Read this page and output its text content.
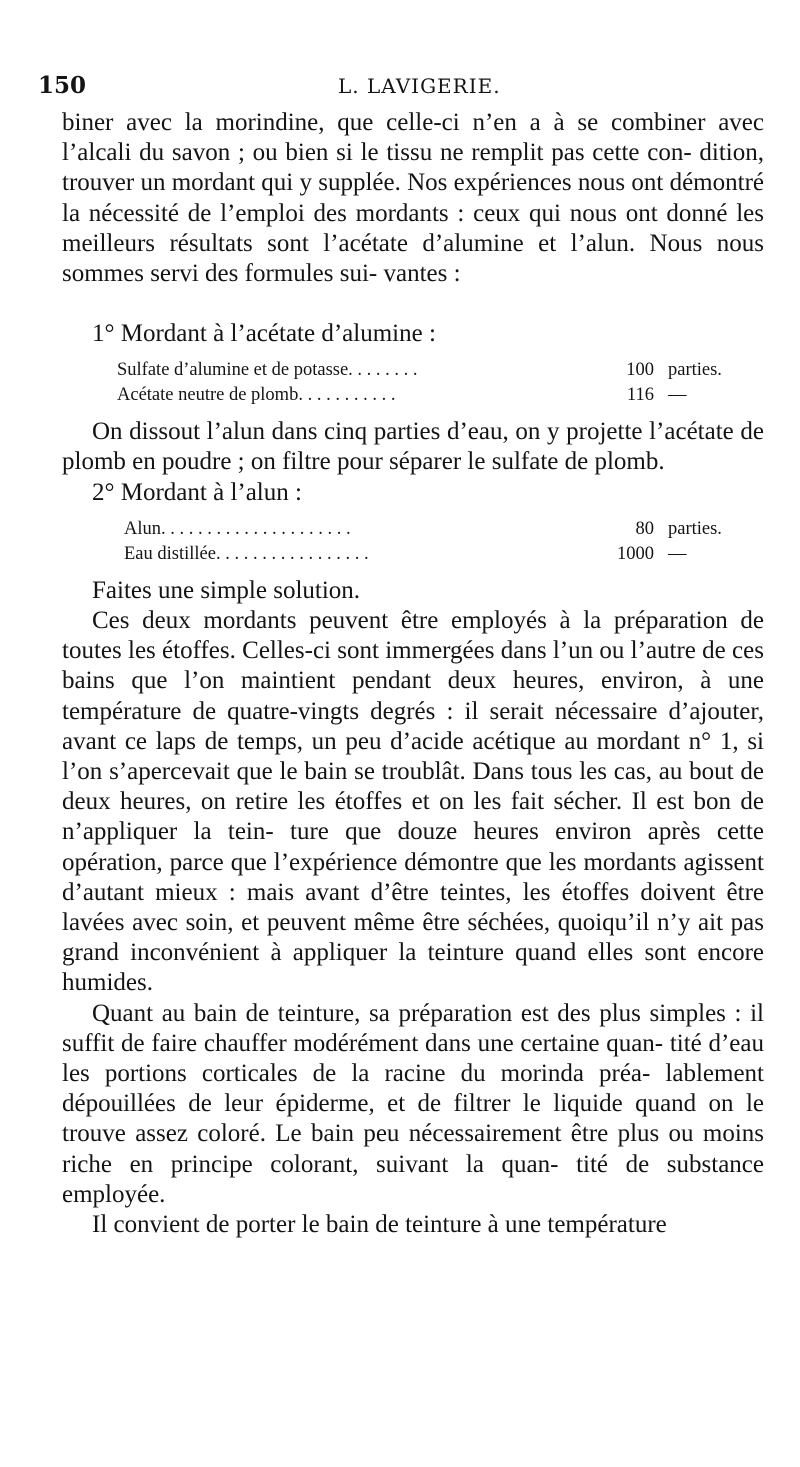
150	L. LAVIGERIE.

biner avec la morindine, que celle-ci n’en a à se combiner avec l’alcali du savon ; ou bien si le tissu ne remplit pas cette con- dition, trouver un mordant qui y supplée. Nos expériences nous ont démontré la nécessité de l’emploi des mordants : ceux qui nous ont donné les meilleurs résultats sont l’acétate d’alumine et l’alun. Nous nous sommes servi des formules sui- vantes :

1° Mordant à l’acétate d’alumine :

Sulfate d’alumine et de potasse. . . . . . . .	100 parties.
Acétate neutre de plomb. . . . . . . . . . .	116 —

On dissout l’alun dans cinq parties d’eau, on y projette l’acétate de plomb en poudre ; on filtre pour séparer le sulfate de plomb.

2° Mordant à l’alun :

Alun. . . . . . . . . . . . . . . . . . . . .	80 parties.
Eau distillée. . . . . . . . . . . . . . . . .	1000 —

Faites une simple solution.

Ces deux mordants peuvent être employés à la préparation de toutes les étoffes. Celles-ci sont immergées dans l’un ou l’autre de ces bains que l’on maintient pendant deux heures, environ, à une température de quatre-vingts degrés : il serait nécessaire d’ajouter, avant ce laps de temps, un peu d’acide acétique au mordant n° 1, si l’on s’apercevait que le bain se troublât. Dans tous les cas, au bout de deux heures, on retire les étoffes et on les fait sécher. Il est bon de n’appliquer la tein- ture que douze heures environ après cette opération, parce que l’expérience démontre que les mordants agissent d’autant mieux : mais avant d’être teintes, les étoffes doivent être lavées avec soin, et peuvent même être séchées, quoiqu’il n’y ait pas grand inconvénient à appliquer la teinture quand elles sont encore humides.

Quant au bain de teinture, sa préparation est des plus simples : il suffit de faire chauffer modérément dans une certaine quan- tité d’eau les portions corticales de la racine du morinda préa- lablement dépouillées de leur épiderme, et de filtrer le liquide quand on le trouve assez coloré. Le bain peu nécessairement être plus ou moins riche en principe colorant, suivant la quan- tité de substance employée.

Il convient de porter le bain de teinture à une température
